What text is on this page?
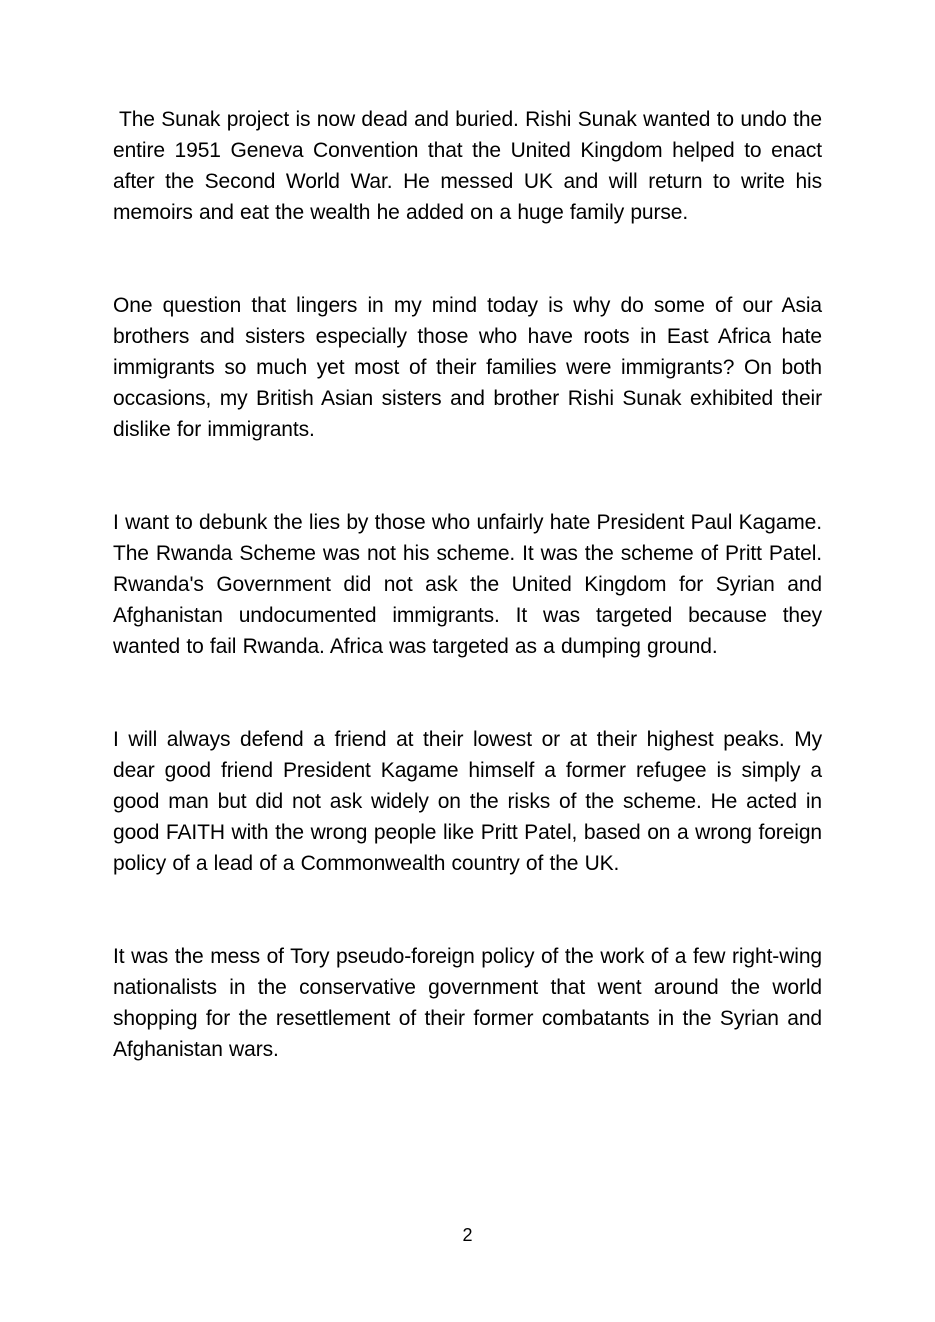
The Sunak project is now dead and buried. Rishi Sunak wanted to undo the entire 1951 Geneva Convention that the United Kingdom helped to enact after the Second World War. He messed UK and will return to write his memoirs and eat the wealth he added on a huge family purse.

One question that lingers in my mind today is why do some of our Asia brothers and sisters especially those who have roots in East Africa hate immigrants so much yet most of their families were immigrants? On both occasions, my British Asian sisters and brother Rishi Sunak exhibited their dislike for immigrants.

I want to debunk the lies by those who unfairly hate President Paul Kagame. The Rwanda Scheme was not his scheme. It was the scheme of Pritt Patel. Rwanda's Government did not ask the United Kingdom for Syrian and Afghanistan undocumented immigrants. It was targeted because they wanted to fail Rwanda. Africa was targeted as a dumping ground.

I will always defend a friend at their lowest or at their highest peaks. My dear good friend President Kagame himself a former refugee is simply a good man but did not ask widely on the risks of the scheme. He acted in good FAITH with the wrong people like Pritt Patel, based on a wrong foreign policy of a lead of a Commonwealth country of the UK.

It was the mess of Tory pseudo-foreign policy of the work of a few right-wing nationalists in the conservative government that went around the world shopping for the resettlement of their former combatants in the Syrian and Afghanistan wars.

2
